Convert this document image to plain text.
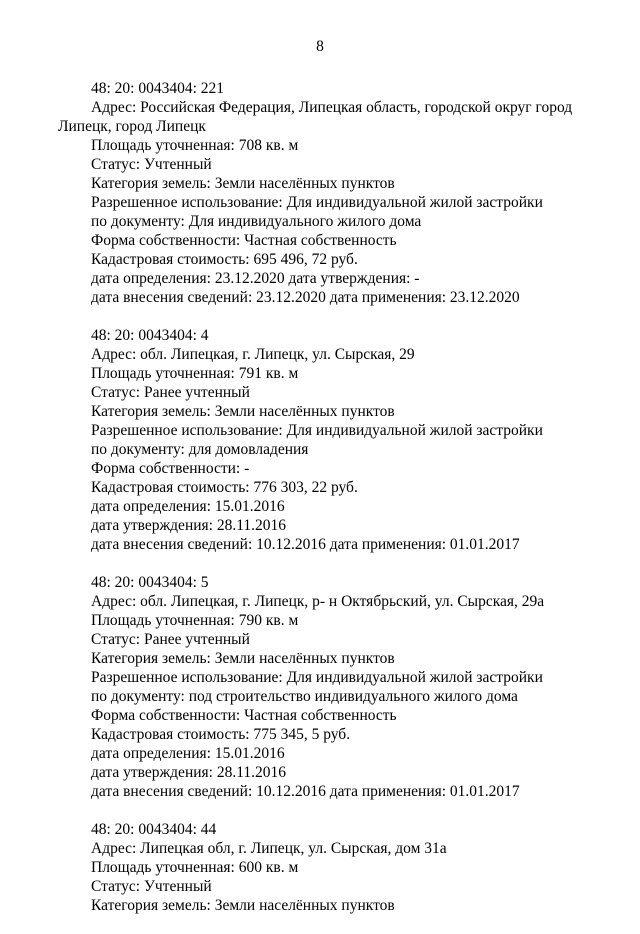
8
48: 20: 0043404: 221
Адрес: Российская Федерация, Липецкая область, городской округ город
Липецк, город Липецк
Площадь уточненная: 708 кв. м
Статус: Учтенный
Категория земель: Земли населённых пунктов
Разрешенное использование: Для индивидуальной жилой застройки
по документу: Для индивидуального жилого дома
Форма собственности: Частная собственность
Кадастровая стоимость: 695 496, 72 руб.
дата определения: 23.12.2020 дата утверждения: -
дата внесения сведений: 23.12.2020 дата применения: 23.12.2020
48: 20: 0043404: 4
Адрес: обл. Липецкая, г. Липецк, ул. Сырская, 29
Площадь уточненная: 791 кв. м
Статус: Ранее учтенный
Категория земель: Земли населённых пунктов
Разрешенное использование: Для индивидуальной жилой застройки
по документу: для домовладения
Форма собственности: -
Кадастровая стоимость: 776 303, 22 руб.
дата определения: 15.01.2016
дата утверждения: 28.11.2016
дата внесения сведений: 10.12.2016 дата применения: 01.01.2017
48: 20: 0043404: 5
Адрес: обл. Липецкая, г. Липецк, р- н Октябрьский, ул. Сырская, 29а
Площадь уточненная: 790 кв. м
Статус: Ранее учтенный
Категория земель: Земли населённых пунктов
Разрешенное использование: Для индивидуальной жилой застройки
по документу: под строительство индивидуального жилого дома
Форма собственности: Частная собственность
Кадастровая стоимость: 775 345, 5 руб.
дата определения: 15.01.2016
дата утверждения: 28.11.2016
дата внесения сведений: 10.12.2016 дата применения: 01.01.2017
48: 20: 0043404: 44
Адрес: Липецкая обл, г. Липецк, ул. Сырская, дом 31а
Площадь уточненная: 600 кв. м
Статус: Учтенный
Категория земель: Земли населённых пунктов
